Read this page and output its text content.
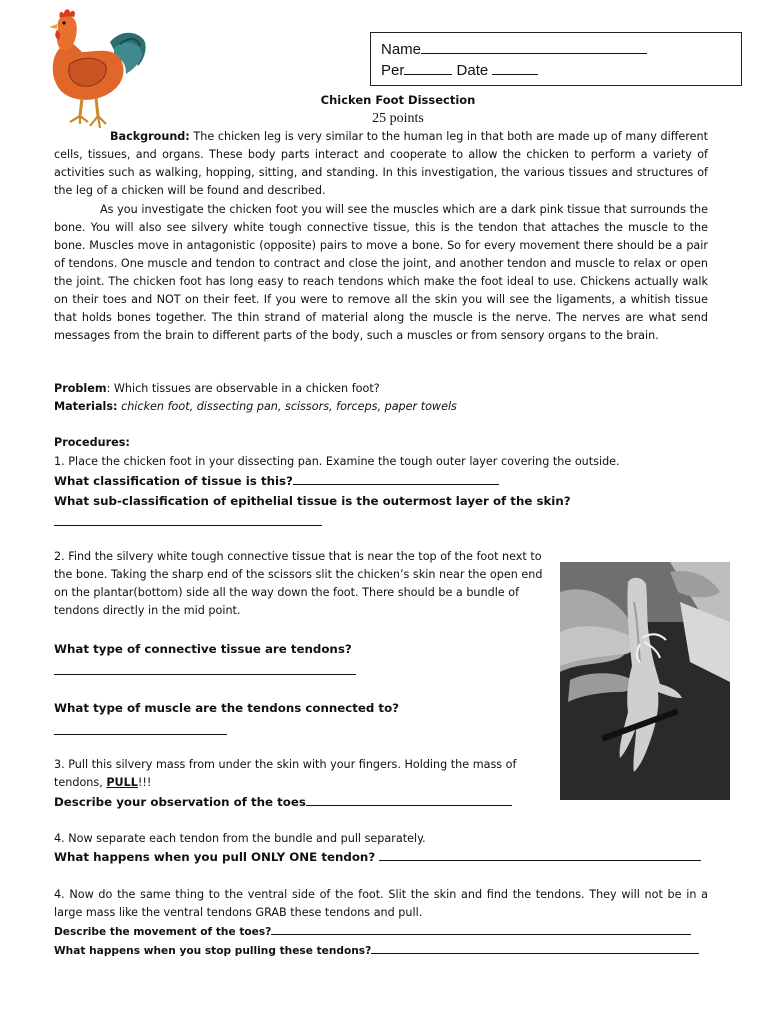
Name
Per	Date
Chicken Foot Dissection
25 points
Background: The chicken leg is very similar to the human leg in that both are made up of many different cells, tissues, and organs. These body parts interact and cooperate to allow the chicken to perform a variety of activities such as walking, hopping, sitting, and standing. In this investigation, the various tissues and structures of the leg of a chicken will be found and described.
As you investigate the chicken foot you will see the muscles which are a dark pink tissue that surrounds the bone. You will also see silvery white tough connective tissue, this is the tendon that attaches the muscle to the bone. Muscles move in antagonistic (opposite) pairs to move a bone. So for every movement there should be a pair of tendons. One muscle and tendon to contract and close the joint, and another tendon and muscle to relax or open the joint. The chicken foot has long easy to reach tendons which make the foot ideal to use. Chickens actually walk on their toes and NOT on their feet. If you were to remove all the skin you will see the ligaments, a whitish tissue that holds bones together. The thin strand of material along the muscle is the nerve. The nerves are what send messages from the brain to different parts of the body, such a muscles or from sensory organs to the brain.
Problem: Which tissues are observable in a chicken foot?
Materials: chicken foot, dissecting pan, scissors, forceps, paper towels
Procedures:
1. Place the chicken foot in your dissecting pan. Examine the tough outer layer covering the outside.
What classification of tissue is this?
What sub-classification of epithelial tissue is the outermost layer of the skin?
2. Find the silvery white tough connective tissue that is near the top of the foot next to the bone. Taking the sharp end of the scissors slit the chicken’s skin near the open end on the plantar(bottom) side all the way down the foot. There should be a bundle of tendons directly in the mid point.
What type of connective tissue are tendons?
What type of muscle are the tendons connected to?
3. Pull this silvery mass from under the skin with your fingers. Holding the mass of tendons, PULL!!!
Describe your observation of the toes
4. Now separate each tendon from the bundle and pull separately.
What happens when you pull ONLY ONE tendon?
4. Now do the same thing to the ventral side of the foot. Slit the skin and find the tendons. They will not be in a large mass like the ventral tendons GRAB these tendons and pull.
Describe the movement of the toes?
What happens when you stop pulling these tendons?
